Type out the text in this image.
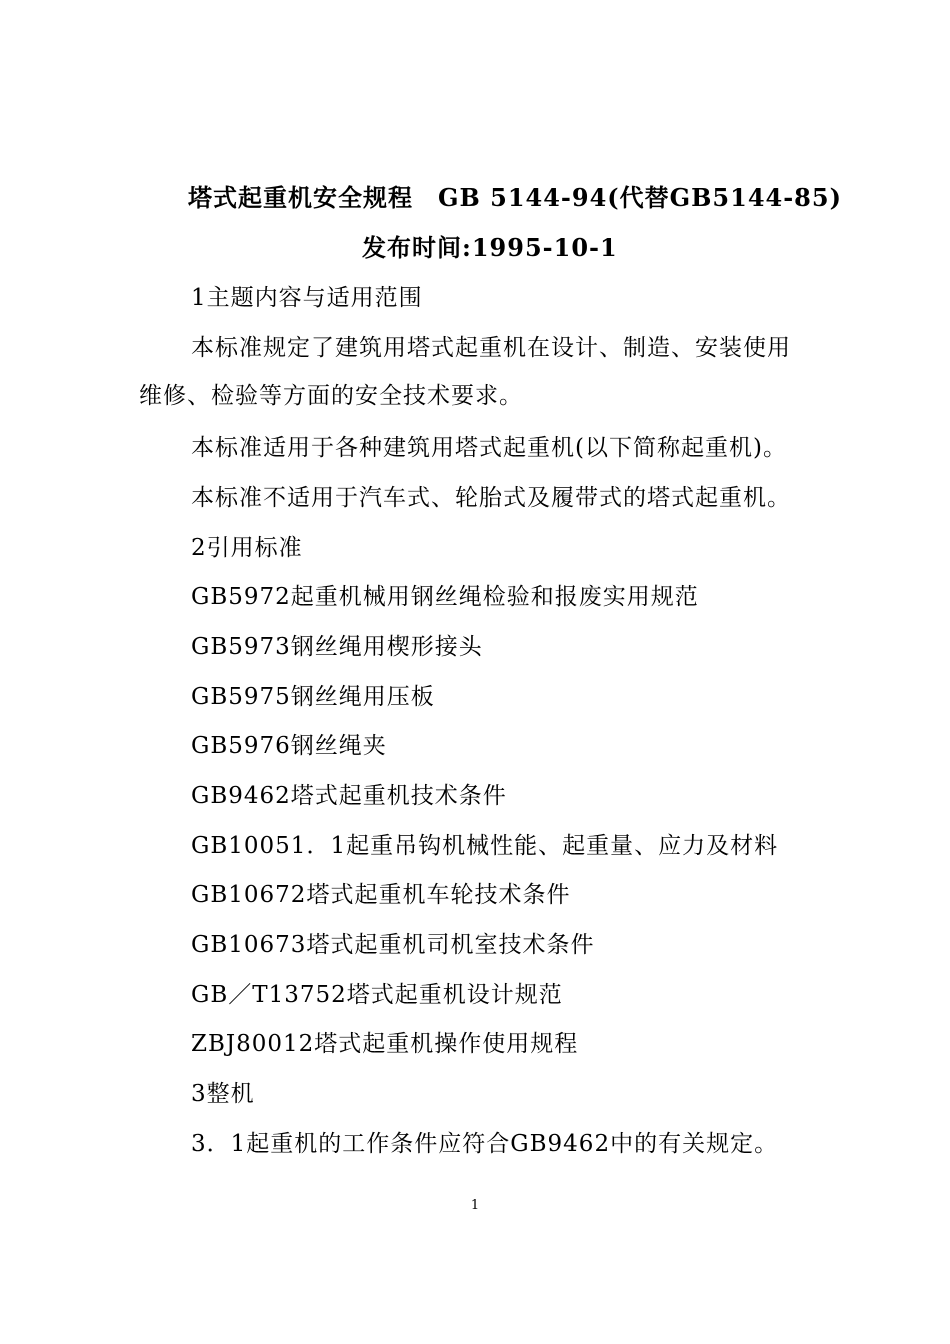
塔式起重机安全规程　GB 5144-94(代替GB5144-85)
发布时间:1995-10-1
1主题内容与适用范围
本标准规定了建筑用塔式起重机在设计、制造、安装使用
维修、检验等方面的安全技术要求。
本标准适用于各种建筑用塔式起重机(以下简称起重机)。
本标准不适用于汽车式、轮胎式及履带式的塔式起重机。
2引用标准
GB5972起重机械用钢丝绳检验和报废实用规范
GB5973钢丝绳用楔形接头
GB5975钢丝绳用压板
GB5976钢丝绳夹
GB9462塔式起重机技术条件
GB10051．1起重吊钩机械性能、起重量、应力及材料
GB10672塔式起重机车轮技术条件
GB10673塔式起重机司机室技术条件
GB／T13752塔式起重机设计规范
ZBJ80012塔式起重机操作使用规程
3整机
3．1起重机的工作条件应符合GB9462中的有关规定。
1
